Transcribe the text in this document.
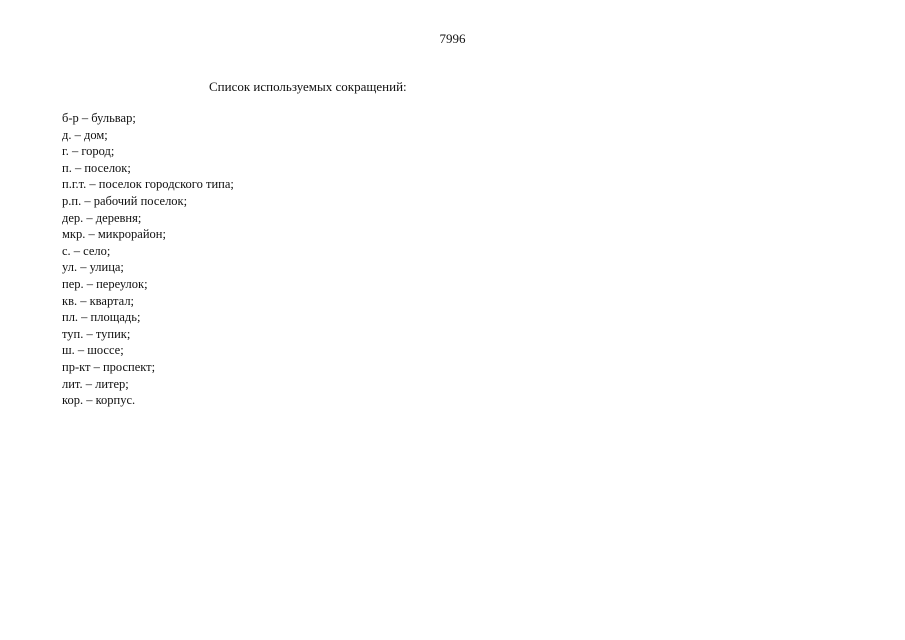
7996
Список используемых сокращений:
б-р – бульвар;
д. – дом;
г. – город;
п. – поселок;
п.г.т. – поселок городского типа;
р.п. – рабочий поселок;
дер. – деревня;
мкр. – микрорайон;
с. – село;
ул. – улица;
пер. – переулок;
кв. – квартал;
пл. – площадь;
туп. – тупик;
ш. – шоссе;
пр-кт – проспект;
лит. – литер;
кор. – корпус.
